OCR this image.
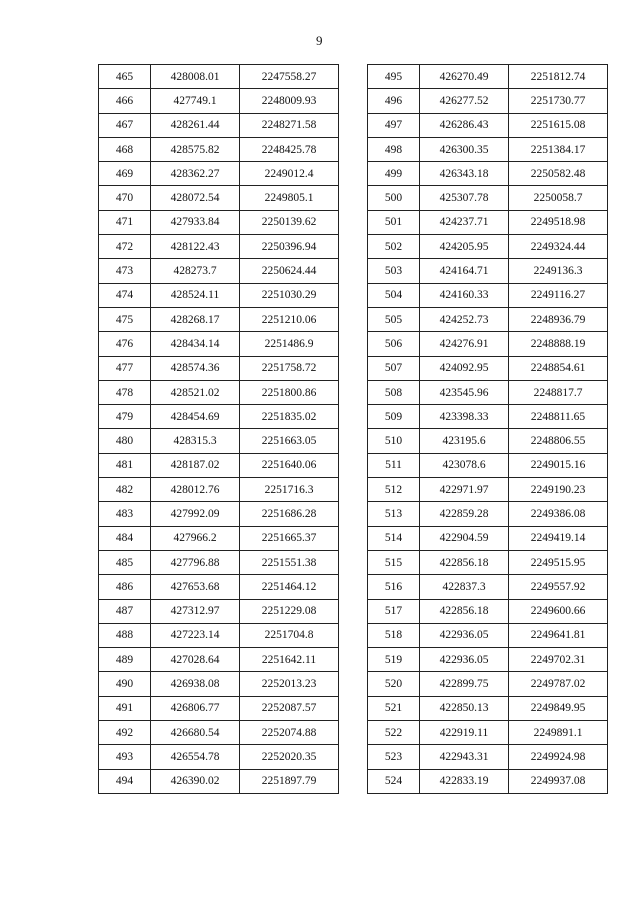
9
465	428008.01	2247558.27
466	427749.1	2248009.93
467	428261.44	2248271.58
468	428575.82	2248425.78
469	428362.27	2249012.4
470	428072.54	2249805.1
471	427933.84	2250139.62
472	428122.43	2250396.94
473	428273.7	2250624.44
474	428524.11	2251030.29
475	428268.17	2251210.06
476	428434.14	2251486.9
477	428574.36	2251758.72
478	428521.02	2251800.86
479	428454.69	2251835.02
480	428315.3	2251663.05
481	428187.02	2251640.06
482	428012.76	2251716.3
483	427992.09	2251686.28
484	427966.2	2251665.37
485	427796.88	2251551.38
486	427653.68	2251464.12
487	427312.97	2251229.08
488	427223.14	2251704.8
489	427028.64	2251642.11
490	426938.08	2252013.23
491	426806.77	2252087.57
492	426680.54	2252074.88
493	426554.78	2252020.35
494	426390.02	2251897.79
495	426270.49	2251812.74
496	426277.52	2251730.77
497	426286.43	2251615.08
498	426300.35	2251384.17
499	426343.18	2250582.48
500	425307.78	2250058.7
501	424237.71	2249518.98
502	424205.95	2249324.44
503	424164.71	2249136.3
504	424160.33	2249116.27
505	424252.73	2248936.79
506	424276.91	2248888.19
507	424092.95	2248854.61
508	423545.96	2248817.7
509	423398.33	2248811.65
510	423195.6	2248806.55
511	423078.6	2249015.16
512	422971.97	2249190.23
513	422859.28	2249386.08
514	422904.59	2249419.14
515	422856.18	2249515.95
516	422837.3	2249557.92
517	422856.18	2249600.66
518	422936.05	2249641.81
519	422936.05	2249702.31
520	422899.75	2249787.02
521	422850.13	2249849.95
522	422919.11	2249891.1
523	422943.31	2249924.98
524	422833.19	2249937.08
